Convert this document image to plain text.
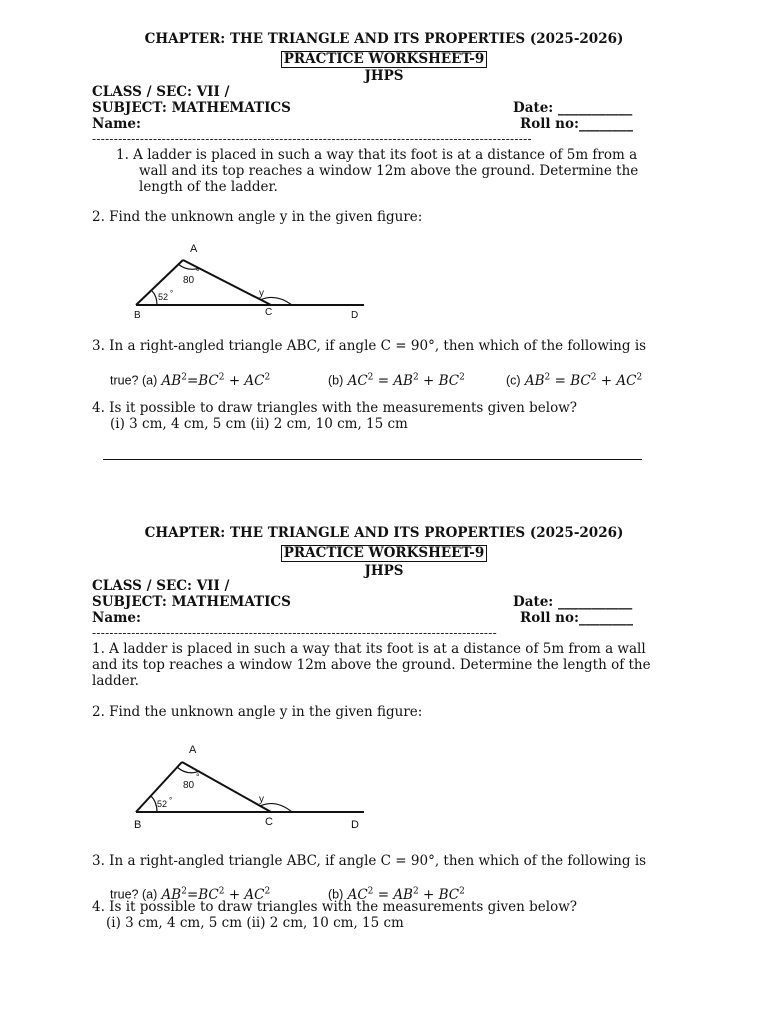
CHAPTER: THE TRIANGLE AND ITS PROPERTIES (2025-2026)
PRACTICE WORKSHEET-9
JHPS
CLASS / SEC: VII /
SUBJECT: MATHEMATICS	Date: ___________
Name:	Roll no:________
-----------------------------------------------------------------------------------------------------
1. A ladder is placed in such a way that its foot is at a distance of 5m from a
wall and its top reaches a window 12m above the ground. Determine the
length of the ladder.
2. Find the unknown angle y in the given figure:
A
80
°
52 °	y
B	C	D
3. In a right-angled triangle ABC, if angle C = 90°, then which of the following is
true? (a) $AB^2=BC^2 + AC^2$	(b) $AC^2 = AB^2 + BC^2$	(c) $AB^2 = BC^2 + AC^2$
4. Is it possible to draw triangles with the measurements given below?
(i) 3 cm, 4 cm, 5 cm (ii) 2 cm, 10 cm, 15 cm
CHAPTER: THE TRIANGLE AND ITS PROPERTIES (2025-2026)
PRACTICE WORKSHEET-9
JHPS
CLASS / SEC: VII /
SUBJECT: MATHEMATICS	Date: ___________
Name:	Roll no:________
---------------------------------------------------------------------------------------------
1. A ladder is placed in such a way that its foot is at a distance of 5m from a wall
and its top reaches a window 12m above the ground. Determine the length of the
ladder.
2. Find the unknown angle y in the given figure:
A
80
°
52 °	y
B	C	D
3. In a right-angled triangle ABC, if angle C = 90°, then which of the following is
true? (a) $AB^2=BC^2 + AC^2$	(b) $AC^2 = AB^2 + BC^2$
4. Is it possible to draw triangles with the measurements given below?
(i) 3 cm, 4 cm, 5 cm (ii) 2 cm, 10 cm, 15 cm
